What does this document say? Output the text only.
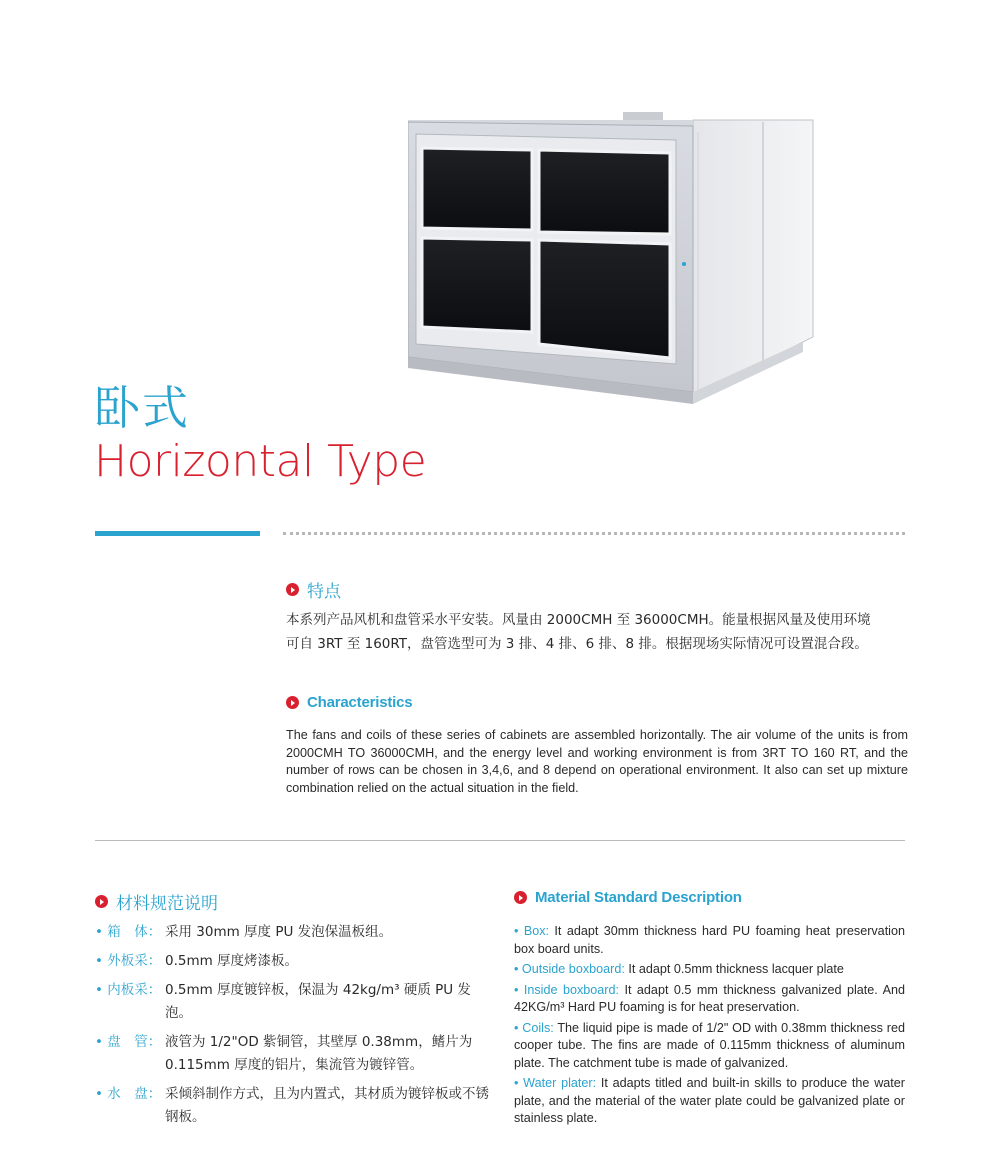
卧式
Horizontal Type
特点
本系列产品风机和盘管采水平安装。风量由 2000CMH 至 36000CMH。能量根据风量及使用环境
可自 3RT 至 160RT，盘管选型可为 3 排、4 排、6 排、8 排。根据现场实际情况可设置混合段。
Characteristics
The fans and coils of these series of cabinets are assembled horizontally. The air volume of the units is from 2000CMH TO 36000CMH, and the energy level and working environment is from 3RT TO 160 RT, and the number of rows can be chosen in 3,4,6, and 8 depend on operational environment. It also can set up mixture combination relied on the actual situation in the field.
材料规范说明
• 箱　体： 采用 30mm 厚度 PU 发泡保温板组。
• 外板采： 0.5mm 厚度烤漆板。
• 内板采： 0.5mm 厚度镀锌板，保温为 42kg/m³ 硬质 PU 发泡。
• 盘　管： 液管为 1/2"OD 紫铜管，其壁厚 0.38mm，鳍片为 0.115mm 厚度的铝片，集流管为镀锌管。
• 水　盘： 采倾斜制作方式，且为内置式，其材质为镀锌板或不锈钢板。
Material Standard Description
• Box: It adapt 30mm thickness hard PU foaming heat preservation box board units.
• Outside boxboard: It adapt 0.5mm thickness lacquer plate
• Inside boxboard: It adapt 0.5 mm thickness galvanized plate. And 42KG/m³ Hard PU foaming is for heat preservation.
• Coils: The liquid pipe is made of 1/2" OD with 0.38mm thickness red cooper tube. The fins are made of 0.115mm thickness of aluminum plate. The catchment tube is made of galvanized.
• Water plater: It adapts titled and built-in skills to produce the water plate, and the material of the water plate could be galvanized plate or stainless plate.
